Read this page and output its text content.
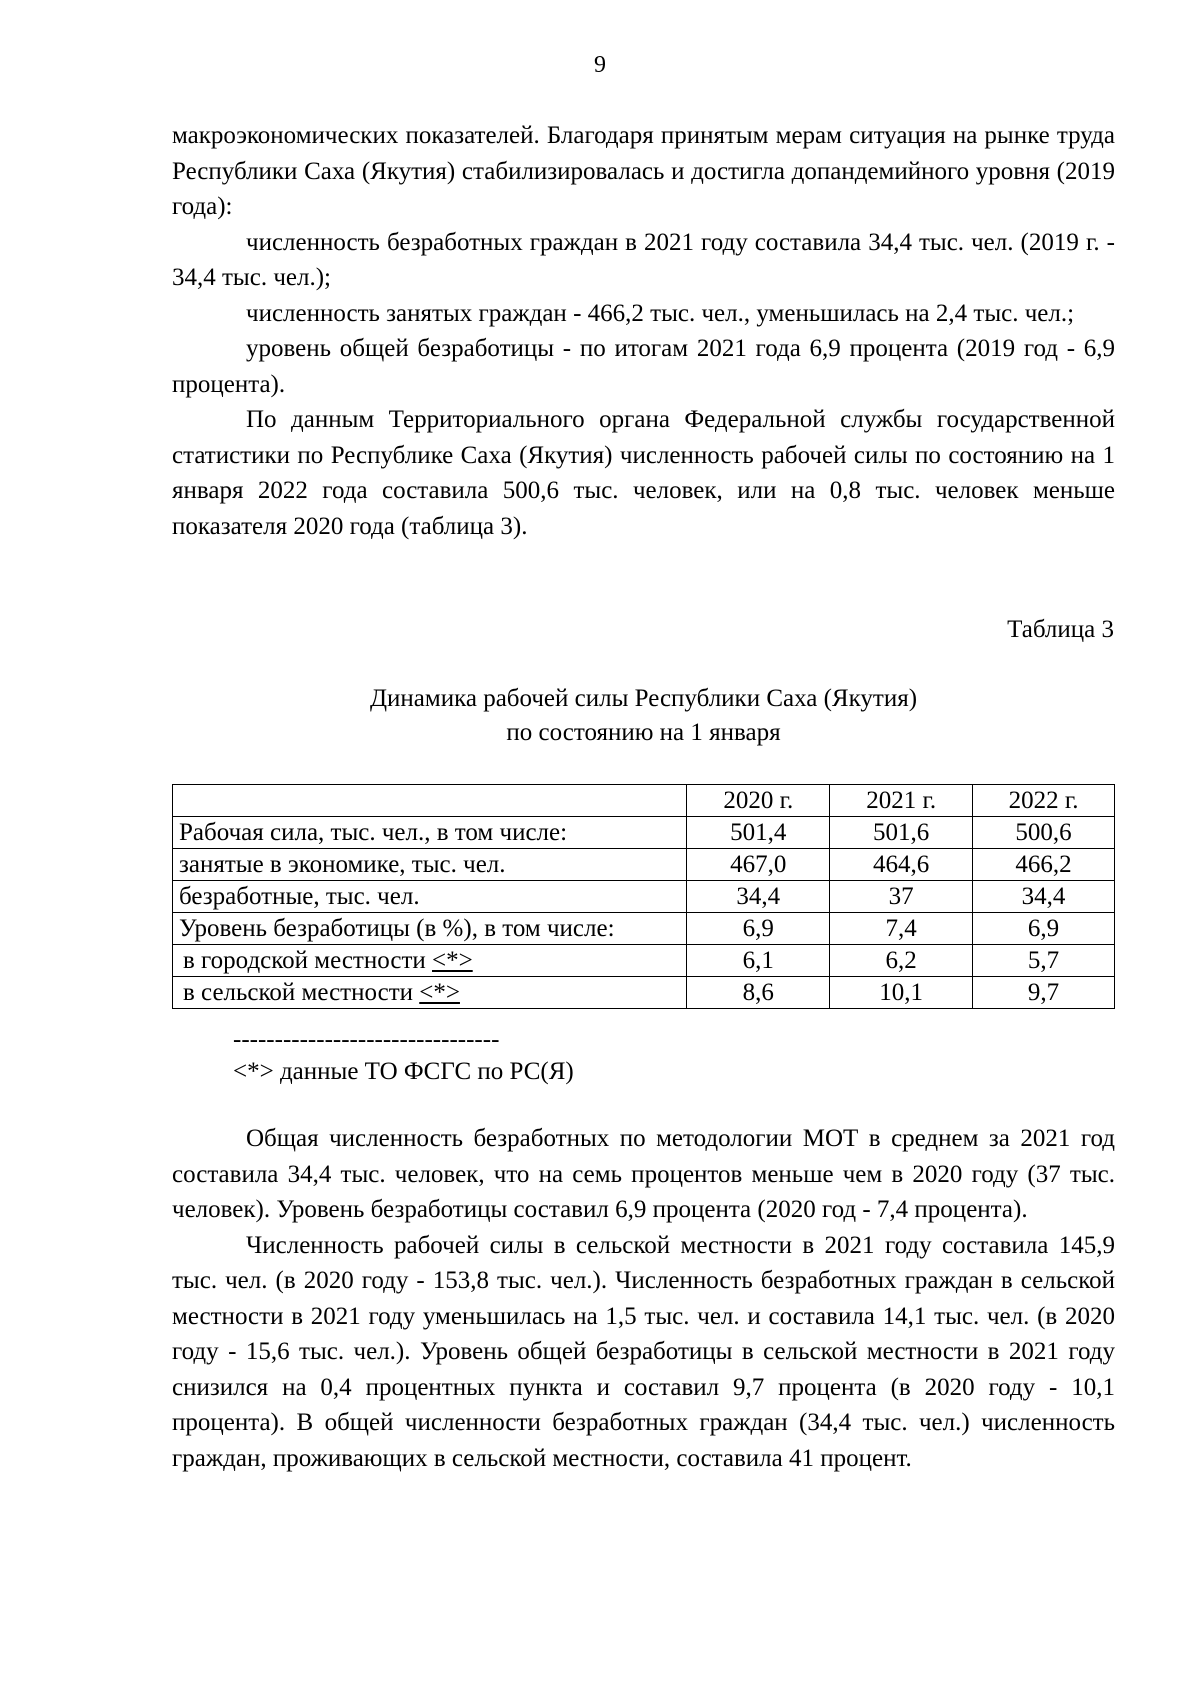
9

макроэкономических показателей. Благодаря принятым мерам ситуация на рынке труда Республики Саха (Якутия) стабилизировалась и достигла допандемийного уровня (2019 года):

численность безработных граждан в 2021 году составила 34,4 тыс. чел. (2019 г. - 34,4 тыс. чел.);

численность занятых граждан - 466,2 тыс. чел., уменьшилась на 2,4 тыс. чел.;

уровень общей безработицы - по итогам 2021 года 6,9 процента (2019 год - 6,9 процента).

По данным Территориального органа Федеральной службы государственной статистики по Республике Саха (Якутия) численность рабочей силы по состоянию на 1 января 2022 года составила 500,6 тыс. человек, или на 0,8 тыс. человек меньше показателя 2020 года (таблица 3).

Таблица 3
Динамика рабочей силы Республики Саха (Якутия)
по состоянию на 1 января
	2020 г.	2021 г.	2022 г.
Рабочая сила, тыс. чел., в том числе:	501,4	501,6	500,6
занятые в экономике, тыс. чел.	467,0	464,6	466,2
безработные, тыс. чел.	34,4	37	34,4
Уровень безработицы (в %), в том числе:	6,9	7,4	6,9
в городской местности <*>	6,1	6,2	5,7
в сельской местности <*>	8,6	10,1	9,7
--------------------------------
<*> данные ТО ФСГС по РС(Я)

Общая численность безработных по методологии МОТ в среднем за 2021 год составила 34,4 тыс. человек, что на семь процентов меньше чем в 2020 году (37 тыс. человек). Уровень безработицы составил 6,9 процента (2020 год - 7,4 процента).

Численность рабочей силы в сельской местности в 2021 году составила 145,9 тыс. чел. (в 2020 году - 153,8 тыс. чел.). Численность безработных граждан в сельской местности в 2021 году уменьшилась на 1,5 тыс. чел. и составила 14,1 тыс. чел. (в 2020 году - 15,6 тыс. чел.). Уровень общей безработицы в сельской местности в 2021 году снизился на 0,4 процентных пункта и составил 9,7 процента (в 2020 году - 10,1 процента). В общей численности безработных граждан (34,4 тыс. чел.) численность граждан, проживающих в сельской местности, составила 41 процент.
